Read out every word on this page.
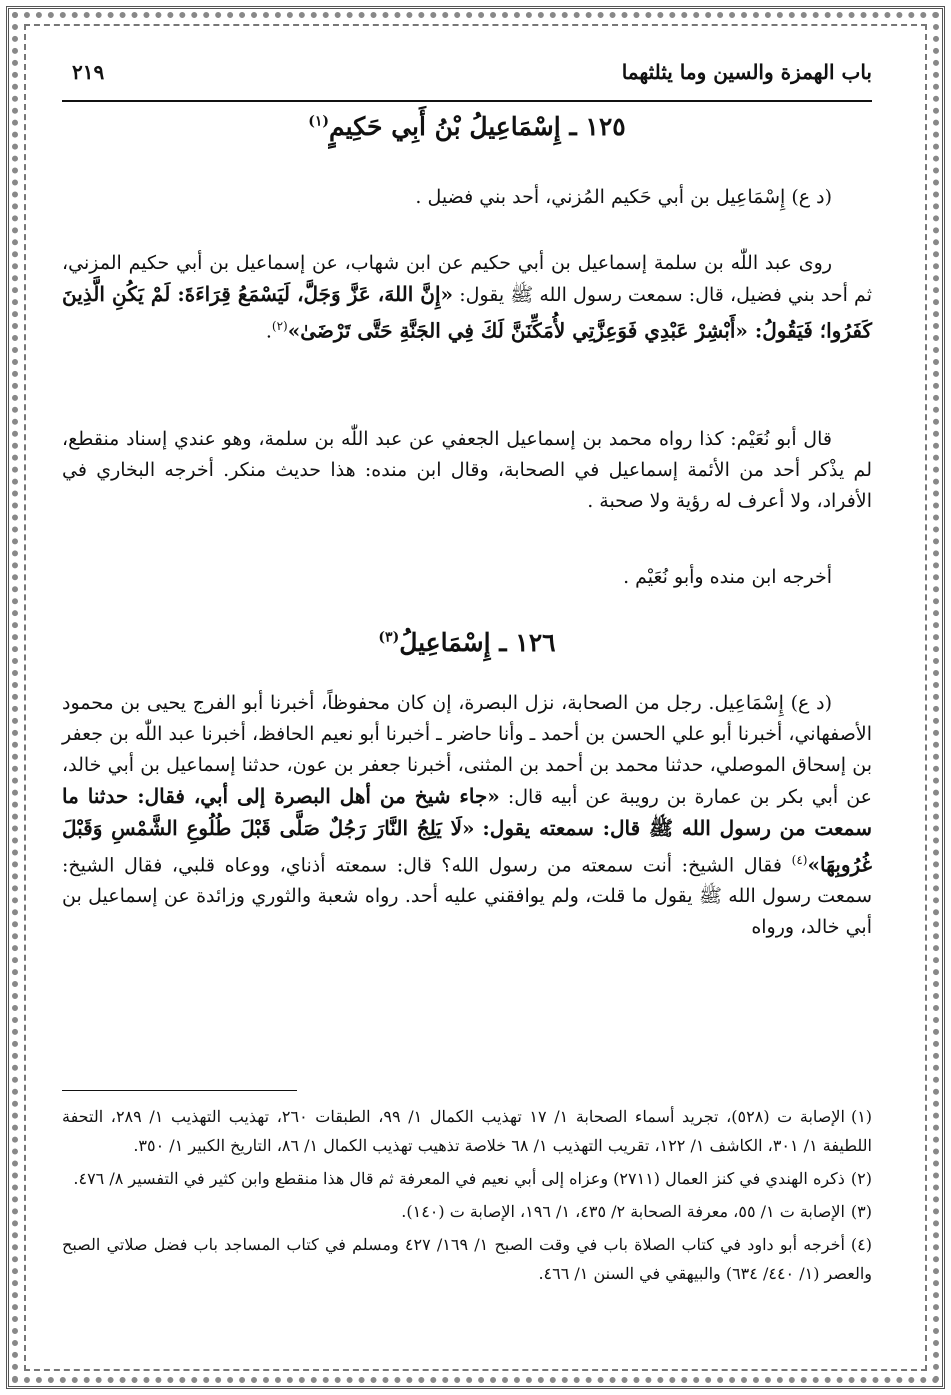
باب الهمزة والسين وما يثلثهما
٢١٩
١٢٥ ـ إِسْمَاعِيلُ بْنُ أَبِي حَكِيمٍ$^{(١)}$

(د ع) إِسْمَاعِيل بن أبي حَكيم المُزني، أحد بني فضيل .

روى عبد اللّٰه بن سلمة إسماعيل بن أبي حكيم عن ابن شهاب، عن إسماعيل بن أبي حكيم المزني، ثم أحد بني فضيل، قال: سمعت رسول الله ﷺ يقول: «إِنَّ اللهَ، عَزَّ وَجَلَّ، لَيَسْمَعُ قِرَاءَةَ: لَمْ يَكُنِ الَّذِينَ كَفَرُوا؛ فَيَقُولُ: «أَبْشِرْ عَبْدِي فَوَعِزَّتِي لأُمَكِّنَنَّ لَكَ فِي الجَنَّةِ حَتَّى تَرْضَىٰ»$^{(٢)}$.

قال أبو نُعَيْم: كذا رواه محمد بن إسماعيل الجعفي عن عبد اللّٰه بن سلمة، وهو عندي إسناد منقطع، لم يذْكر أحد من الأئمة إسماعيل في الصحابة، وقال ابن منده: هذا حديث منكر. أخرجه البخاري في الأفراد، ولا أعرف له رؤية ولا صحبة .

أخرجه ابن منده وأبو نُعَيْم .

١٢٦ ـ إِسْمَاعِيلُ$^{(٣)}$

(د ع) إِسْمَاعِيل. رجل من الصحابة، نزل البصرة، إن كان محفوظاً، أخبرنا أبو الفرج يحيى بن محمود الأصفهاني، أخبرنا أبو علي الحسن بن أحمد ـ وأنا حاضر ـ أخبرنا أبو نعيم الحافظ، أخبرنا عبد اللّٰه بن جعفر بن إسحاق الموصلي، حدثنا محمد بن أحمد بن المثنى، أخبرنا جعفر بن عون، حدثنا إسماعيل بن أبي خالد، عن أبي بكر بن عمارة بن رويبة عن أبيه قال: «جاء شيخ من أهل البصرة إلى أبي، فقال: حدثنا ما سمعت من رسول الله ﷺ قال: سمعته يقول: «لَا يَلِجُ النَّارَ رَجُلٌ صَلَّى قَبْلَ طُلُوعِ الشَّمْسِ وَقَبْلَ غُرُوبِهَا»$^{(٤)}$ فقال الشيخ: أنت سمعته من رسول الله؟ قال: سمعته أذناي، ووعاه قلبي، فقال الشيخ: سمعت رسول الله ﷺ يقول ما قلت، ولم يوافقني عليه أحد. رواه شعبة والثوري وزائدة عن إسماعيل بن أبي خالد، ورواه

(١)الإصابة ت (٥٢٨)، تجريد أسماء الصحابة ١/ ١٧ تهذيب الكمال ١/ ٩٩، الطبقات ٢٦٠، تهذيب التهذيب ١/ ٢٨٩، التحفة اللطيفة ١/ ٣٠١، الكاشف ١/ ١٢٢، تقريب التهذيب ١/ ٦٨ خلاصة تذهيب تهذيب الكمال ١/ ٨٦، التاريخ الكبير ١/ ٣٥٠.

(٢)ذكره الهندي في كنز العمال (٢٧١١) وعزاه إلى أبي نعيم في المعرفة ثم قال هذا منقطع وابن كثير في التفسير ٨/ ٤٧٦.

(٣)الإصابة ت ١/ ٥٥، معرفة الصحابة ٢/ ٤٣٥، ١/ ١٩٦، الإصابة ت (١٤٠).

(٤)أخرجه أبو داود في كتاب الصلاة باب في وقت الصبح ١/ ١٦٩/ ٤٢٧ ومسلم في كتاب المساجد باب فضل صلاتي الصبح والعصر (١/ ٤٤٠/ ٦٣٤) والبيهقي في السنن ١/ ٤٦٦.
